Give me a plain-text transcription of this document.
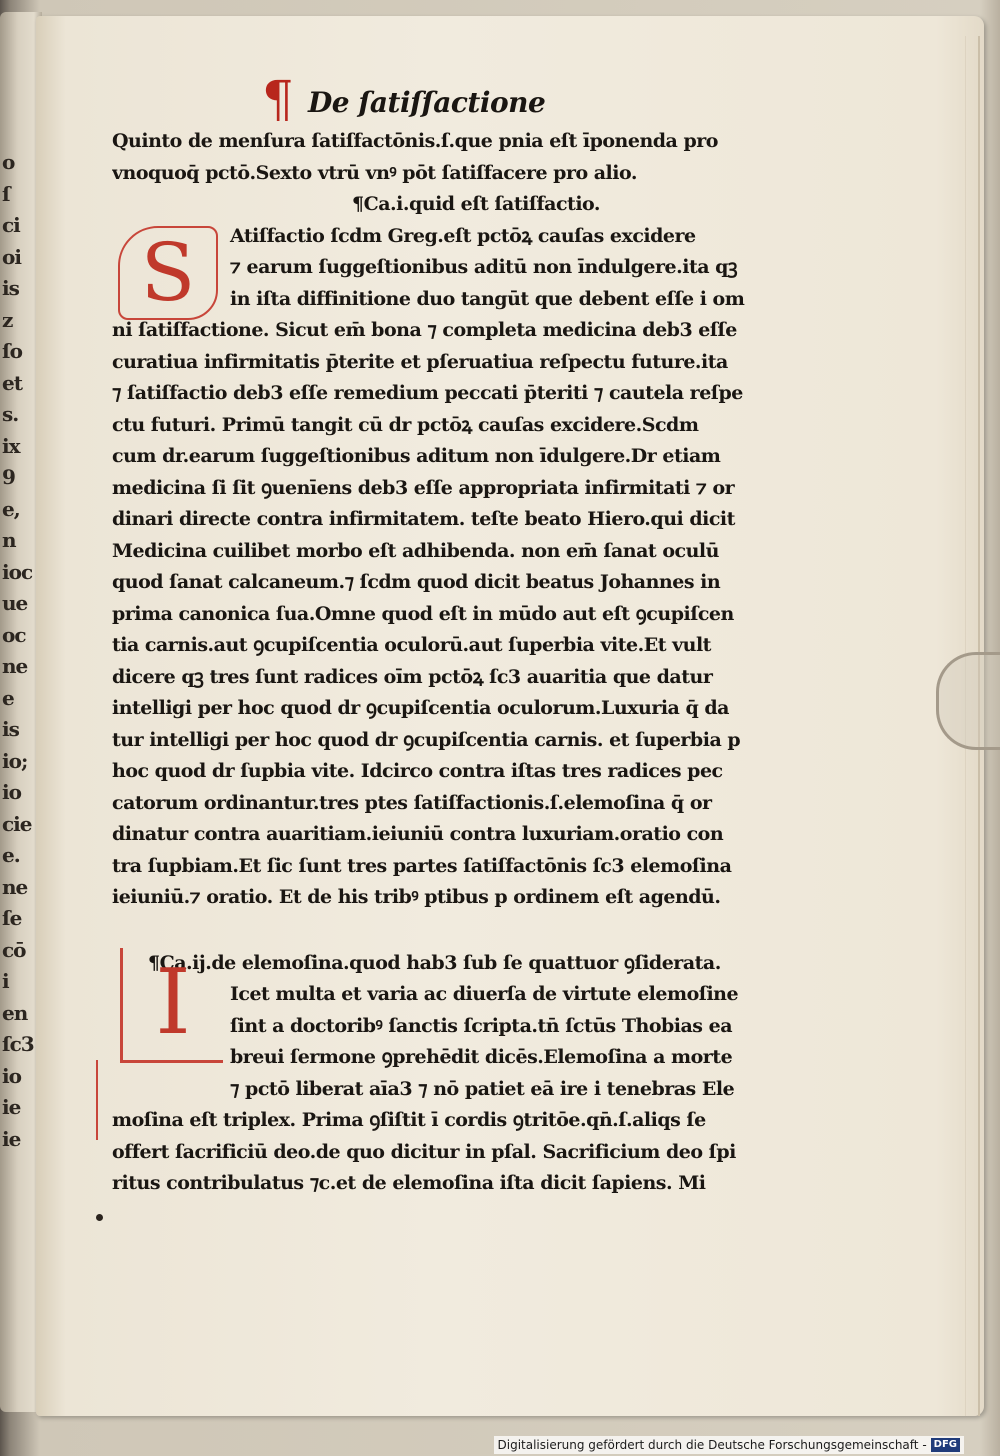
o
ſ
ci
oi
is
z
ſo
et
s.
ix
9
e,
n
ioc
ue
oc
ne
e
is
io;
io
cie
e.
ne
ſe
cō
i
en
ſc3
io
ie
ie
¶ De ſatiſſactione
Quinto de menſura ſatiſfactōnis.ſ.que pnia eſt īponenda pro
vnoquoq̄ pctō.Sexto vtrū vnꝰ pōt ſatiſfacere pro alio.
¶Ca.i.quid eſt ſatiſfactio.
Atiſfactio ſcdm Greg.eſt pctōꝝ cauſas excidere
⁊ earum ſuggeſtionibus aditū non īndulgere.ita qꝫ
in iſta diffinitione duo tangūt que debent eſſe i om
ni ſatiſfactione. Sicut em̄ bona ⁊ completa medicina deb3 eſſe
curatiua infirmitatis p̄terite et pſeruatiua reſpectu future.ita
⁊ ſatiſfactio deb3 eſſe remedium peccati p̄teriti ⁊ cautela reſpe
ctu futuri. Primū tangit cū dr pctōꝝ cauſas excidere.Scdm
cum dr.earum ſuggeſtionibus aditum non īdulgere.Dr etiam
medicina ſi ſit ꝯuenīens deb3 eſſe appropriata infirmitati ⁊ or
dinari directe contra infirmitatem. teſte beato Hiero.qui dicit
Medicina cuilibet morbo eſt adhibenda. non em̄ ſanat oculū
quod ſanat calcaneum.⁊ ſcdm quod dicit beatus Johannes in
prima canonica ſua.Omne quod eſt in mūdo aut eſt ꝯcupiſcen
tia carnis.aut ꝯcupiſcentia oculorū.aut ſuperbia vite.Et vult
dicere qꝫ tres ſunt radices oīm pctōꝝ ſc3 auaritia que datur
intelligi per hoc quod dr ꝯcupiſcentia oculorum.Luxuria q̄ da
tur intelligi per hoc quod dr ꝯcupiſcentia carnis. et ſuperbia p
hoc quod dr ſupbia vite. Idcirco contra iſtas tres radices pec
catorum ordinantur.tres ptes ſatiſfactionis.ſ.elemoſina q̄ or
dinatur contra auaritiam.ieiuniū contra luxuriam.oratio con
tra ſupbiam.Et ſic ſunt tres partes ſatiſfactōnis ſc3 elemoſina
ieiuniū.⁊ oratio. Et de his tribꝰ ptibus p ordinem eſt agendū.
¶Ca.ij.de elemoſina.quod hab3 ſub ſe quattuor ꝯſiderata.
Icet multa et varia ac diuerſa de virtute elemoſine
ſint a doctoribꝰ ſanctis ſcripta.tn̄ ſctūs Thobias ea
breui ſermone ꝯprehēdit dicēs.Elemoſina a morte
⁊ pctō liberat aīa3 ⁊ nō patiet eā ire i tenebras Ele
moſina eſt triplex. Prima ꝯſiſtit ī cordis ꝯtritōe.qn̄.ſ.aliqs ſe
offert ſacrificiū deo.de quo dicitur in pſal. Sacrificium deo ſpi
ritus contribulatus ⁊c.et de elemoſina iſta dicit ſapiens. Mi
S
I
Digitalisierung gefördert durch die Deutsche Forschungsgemeinschaft - DFG
